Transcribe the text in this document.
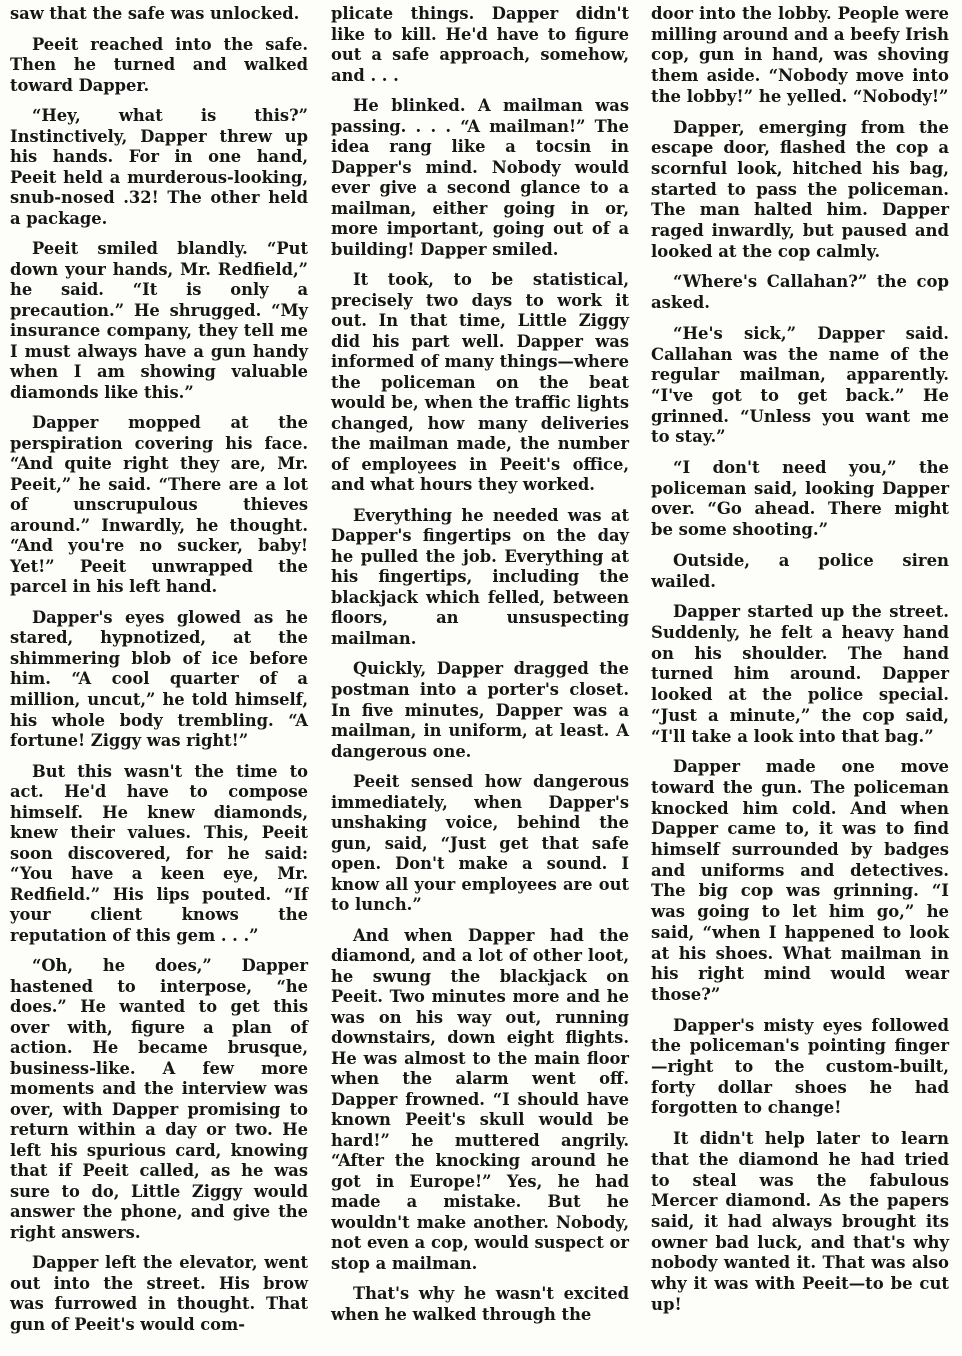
saw that the safe was unlocked.

Peeit reached into the safe. Then he turned and walked toward Dapper.

“Hey, what is this?” Instinctively, Dapper threw up his hands. For in one hand, Peeit held a murderous-looking, snub-nosed .32! The other held a package.

Peeit smiled blandly. “Put down your hands, Mr. Redfield,” he said. “It is only a precaution.” He shrugged. “My insurance company, they tell me I must always have a gun handy when I am showing valuable diamonds like this.”

Dapper mopped at the perspiration covering his face. “And quite right they are, Mr. Peeit,” he said. “There are a lot of unscrupulous thieves around.” Inwardly, he thought. “And you're no sucker, baby! Yet!” Peeit unwrapped the parcel in his left hand.

Dapper's eyes glowed as he stared, hypnotized, at the shimmering blob of ice before him. “A cool quarter of a million, uncut,” he told himself, his whole body trembling. “A fortune! Ziggy was right!”

But this wasn't the time to act. He'd have to compose himself. He knew diamonds, knew their values. This, Peeit soon discovered, for he said: “You have a keen eye, Mr. Redfield.” His lips pouted. “If your client knows the reputation of this gem . . .”

“Oh, he does,” Dapper hastened to interpose, “he does.” He wanted to get this over with, figure a plan of action. He became brusque, business-like. A few more moments and the interview was over, with Dapper promising to return within a day or two. He left his spurious card, knowing that if Peeit called, as he was sure to do, Little Ziggy would answer the phone, and give the right answers.

Dapper left the elevator, went out into the street. His brow was furrowed in thought. That gun of Peeit's would com-

plicate things. Dapper didn't like to kill. He'd have to figure out a safe approach, somehow, and . . .

He blinked. A mailman was passing. . . . “A mailman!” The idea rang like a tocsin in Dapper's mind. Nobody would ever give a second glance to a mailman, either going in or, more important, going out of a building! Dapper smiled.

It took, to be statistical, precisely two days to work it out. In that time, Little Ziggy did his part well. Dapper was informed of many things—where the policeman on the beat would be, when the traffic lights changed, how many deliveries the mailman made, the number of employees in Peeit's office, and what hours they worked.

Everything he needed was at Dapper's fingertips on the day he pulled the job. Everything at his fingertips, including the blackjack which felled, between floors, an unsuspecting mailman.

Quickly, Dapper dragged the postman into a porter's closet. In five minutes, Dapper was a mailman, in uniform, at least. A dangerous one.

Peeit sensed how dangerous immediately, when Dapper's unshaking voice, behind the gun, said, “Just get that safe open. Don't make a sound. I know all your employees are out to lunch.”

And when Dapper had the diamond, and a lot of other loot, he swung the blackjack on Peeit. Two minutes more and he was on his way out, running downstairs, down eight flights. He was almost to the main floor when the alarm went off. Dapper frowned. “I should have known Peeit's skull would be hard!” he muttered angrily. “After the knocking around he got in Europe!” Yes, he had made a mistake. But he wouldn't make another. Nobody, not even a cop, would suspect or stop a mailman.

That's why he wasn't excited when he walked through the

door into the lobby. People were milling around and a beefy Irish cop, gun in hand, was shoving them aside. “Nobody move into the lobby!” he yelled. “Nobody!”

Dapper, emerging from the escape door, flashed the cop a scornful look, hitched his bag, started to pass the policeman. The man halted him. Dapper raged inwardly, but paused and looked at the cop calmly.

“Where's Callahan?” the cop asked.

“He's sick,” Dapper said. Callahan was the name of the regular mailman, apparently. “I've got to get back.” He grinned. “Unless you want me to stay.”

“I don't need you,” the policeman said, looking Dapper over. “Go ahead. There might be some shooting.”

Outside, a police siren wailed.

Dapper started up the street. Suddenly, he felt a heavy hand on his shoulder. The hand turned him around. Dapper looked at the police special. “Just a minute,” the cop said, “I'll take a look into that bag.”

Dapper made one move toward the gun. The policeman knocked him cold. And when Dapper came to, it was to find himself surrounded by badges and uniforms and detectives. The big cop was grinning. “I was going to let him go,” he said, “when I happened to look at his shoes. What mailman in his right mind would wear those?”

Dapper's misty eyes followed the policeman's pointing finger —right to the custom-built, forty dollar shoes he had forgotten to change!

It didn't help later to learn that the diamond he had tried to steal was the fabulous Mercer diamond. As the papers said, it had always brought its owner bad luck, and that's why nobody wanted it. That was also why it was with Peeit—to be cut up!
